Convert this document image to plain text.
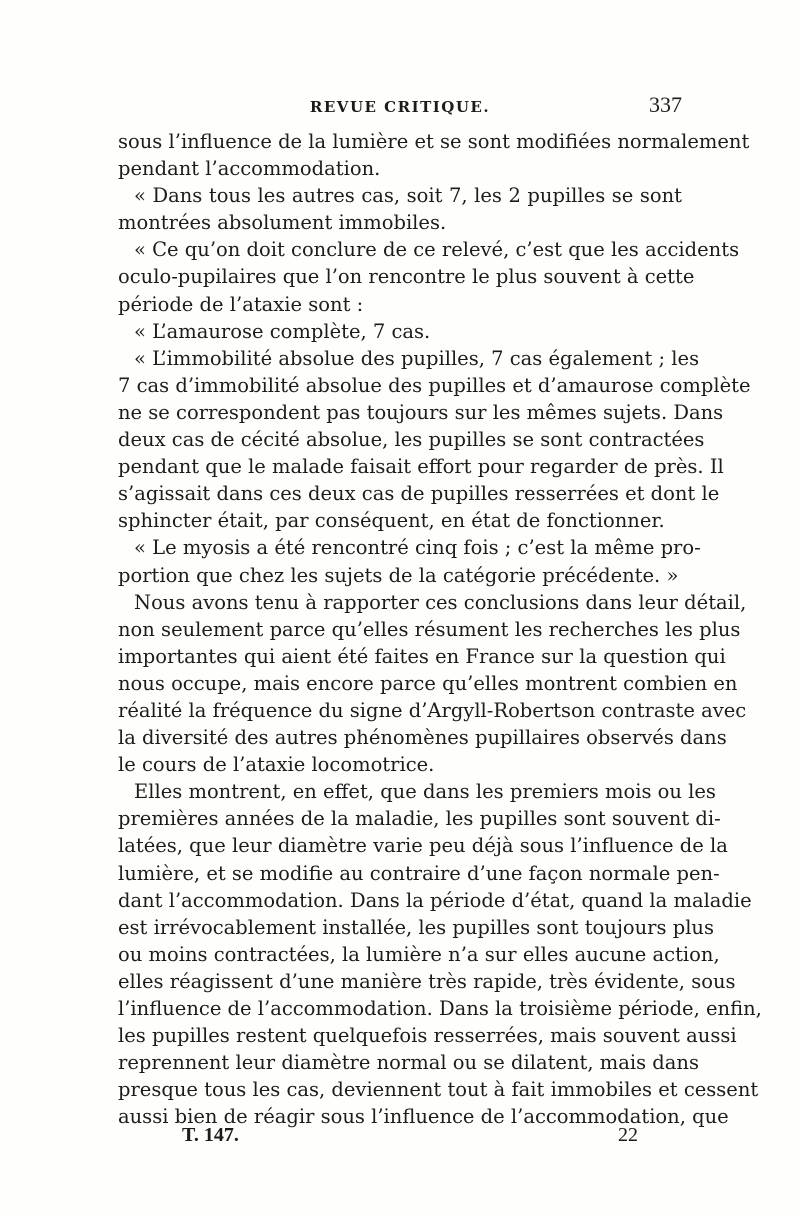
REVUE CRITIQUE.	337
sous l’influence de la lumière et se sont modifiées normalement
pendant l’accommodation.
« Dans tous les autres cas, soit 7, les 2 pupilles se sont
montrées absolument immobiles.
« Ce qu’on doit conclure de ce relevé, c’est que les accidents
oculo-pupilaires que l’on rencontre le plus souvent à cette
période de l’ataxie sont :
« L’amaurose complète, 7 cas.
« L’immobilité absolue des pupilles, 7 cas également ; les
7 cas d’immobilité absolue des pupilles et d’amaurose complète
ne se correspondent pas toujours sur les mêmes sujets. Dans
deux cas de cécité absolue, les pupilles se sont contractées
pendant que le malade faisait effort pour regarder de près. Il
s’agissait dans ces deux cas de pupilles resserrées et dont le
sphincter était, par conséquent, en état de fonctionner.
« Le myosis a été rencontré cinq fois ; c’est la même pro-
portion que chez les sujets de la catégorie précédente. »
Nous avons tenu à rapporter ces conclusions dans leur détail,
non seulement parce qu’elles résument les recherches les plus
importantes qui aient été faites en France sur la question qui
nous occupe, mais encore parce qu’elles montrent combien en
réalité la fréquence du signe d’Argyll-Robertson contraste avec
la diversité des autres phénomènes pupillaires observés dans
le cours de l’ataxie locomotrice.
Elles montrent, en effet, que dans les premiers mois ou les
premières années de la maladie, les pupilles sont souvent di-
latées, que leur diamètre varie peu déjà sous l’influence de la
lumière, et se modifie au contraire d’une façon normale pen-
dant l’accommodation. Dans la période d’état, quand la maladie
est irrévocablement installée, les pupilles sont toujours plus
ou moins contractées, la lumière n’a sur elles aucune action,
elles réagissent d’une manière très rapide, très évidente, sous
l’influence de l’accommodation. Dans la troisième période, enfin,
les pupilles restent quelquefois resserrées, mais souvent aussi
reprennent leur diamètre normal ou se dilatent, mais dans
presque tous les cas, deviennent tout à fait immobiles et cessent
aussi bien de réagir sous l’influence de l’accommodation, que
T. 147.	22
